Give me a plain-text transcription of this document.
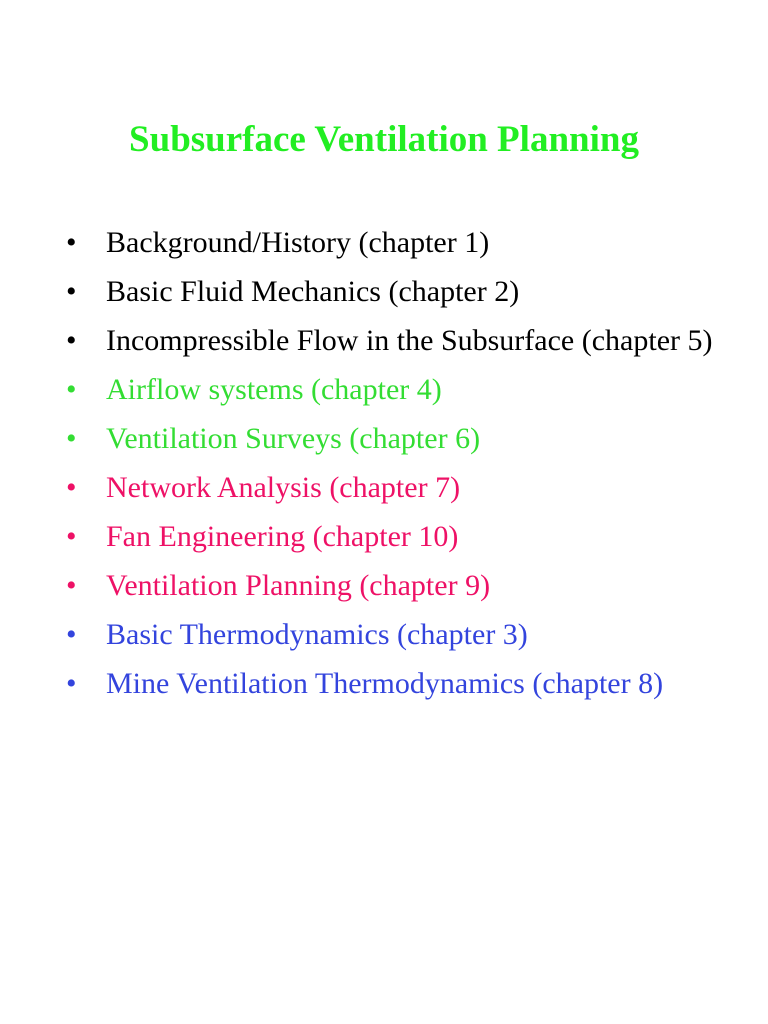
Subsurface Ventilation Planning
• Background/History (chapter 1)
• Basic Fluid Mechanics (chapter 2)
• Incompressible Flow in the Subsurface (chapter 5)
• Airflow systems (chapter 4)
• Ventilation Surveys (chapter 6)
• Network Analysis (chapter 7)
• Fan Engineering (chapter 10)
• Ventilation Planning (chapter 9)
• Basic Thermodynamics (chapter 3)
• Mine Ventilation Thermodynamics (chapter 8)
